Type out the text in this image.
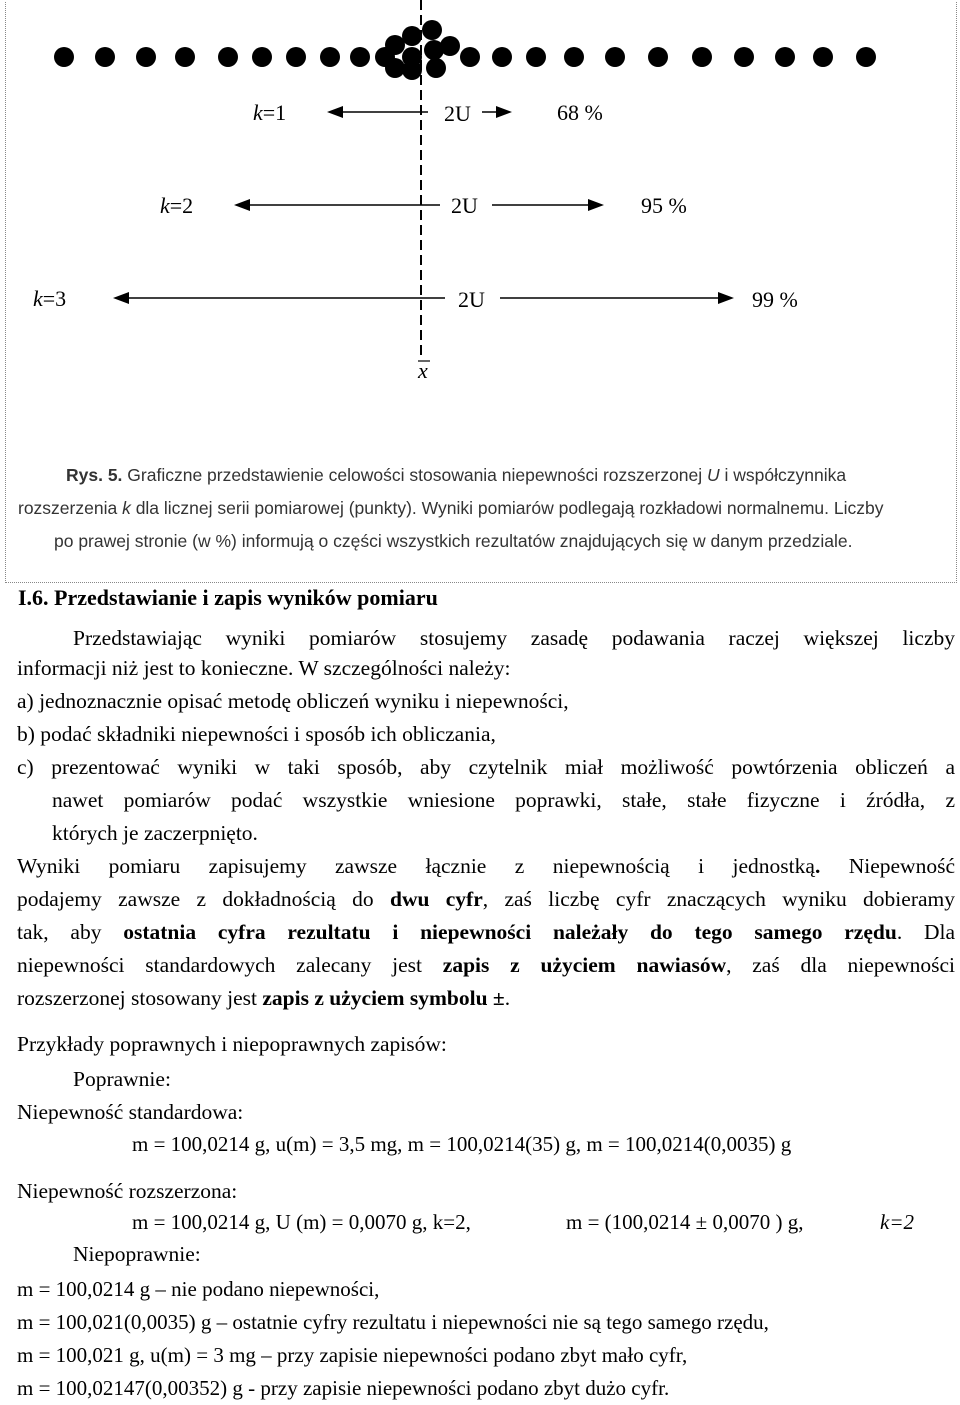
k=1	2U	68 %
k=2	2U	95 %
k=3	2U	99 %
x
Rys. 5. Graficzne przedstawienie celowości stosowania niepewności rozszerzonej U i współczynnika
rozszerzenia k dla licznej serii pomiarowej (punkty). Wyniki pomiarów podlegają rozkładowi normalnemu. Liczby
po prawej stronie (w %) informują o części wszystkich rezultatów znajdujących się w danym przedziale.
I.6. Przedstawianie i zapis wyników pomiaru
Przedstawiając wyniki pomiarów stosujemy zasadę podawania raczej większej liczby
informacji niż jest to konieczne. W szczególności należy:
a) jednoznacznie opisać metodę obliczeń wyniku i niepewności,
b) podać składniki niepewności i sposób ich obliczania,
c) prezentować wyniki w taki sposób, aby czytelnik miał możliwość powtórzenia obliczeń a
nawet pomiarów podać wszystkie wniesione poprawki, stałe, stałe fizyczne i źródła, z
których je zaczerpnięto.
Wyniki pomiaru zapisujemy zawsze łącznie z niepewnością i jednostką. Niepewność
podajemy zawsze z dokładnością do dwu cyfr, zaś liczbę cyfr znaczących wyniku dobieramy
tak, aby ostatnia cyfra rezultatu i niepewności należały do tego samego rzędu. Dla
niepewności standardowych zalecany jest zapis z użyciem nawiasów, zaś dla niepewności
rozszerzonej stosowany jest zapis z użyciem symbolu ±.
Przykłady poprawnych i niepoprawnych zapisów:
Poprawnie:
Niepewność standardowa:
m = 100,0214 g, u(m) = 3,5 mg, m = 100,0214(35) g, m = 100,0214(0,0035) g
Niepewność rozszerzona:
m = 100,0214 g, U (m) = 0,0070 g, k=2,	m = (100,0214 ± 0,0070 ) g,	k=2
Niepoprawnie:
m = 100,0214 g – nie podano niepewności,
m = 100,021(0,0035) g – ostatnie cyfry rezultatu i niepewności nie są tego samego rzędu,
m = 100,021 g, u(m) = 3 mg – przy zapisie niepewności podano zbyt mało cyfr,
m = 100,02147(0,00352) g - przy zapisie niepewności podano zbyt dużo cyfr.
